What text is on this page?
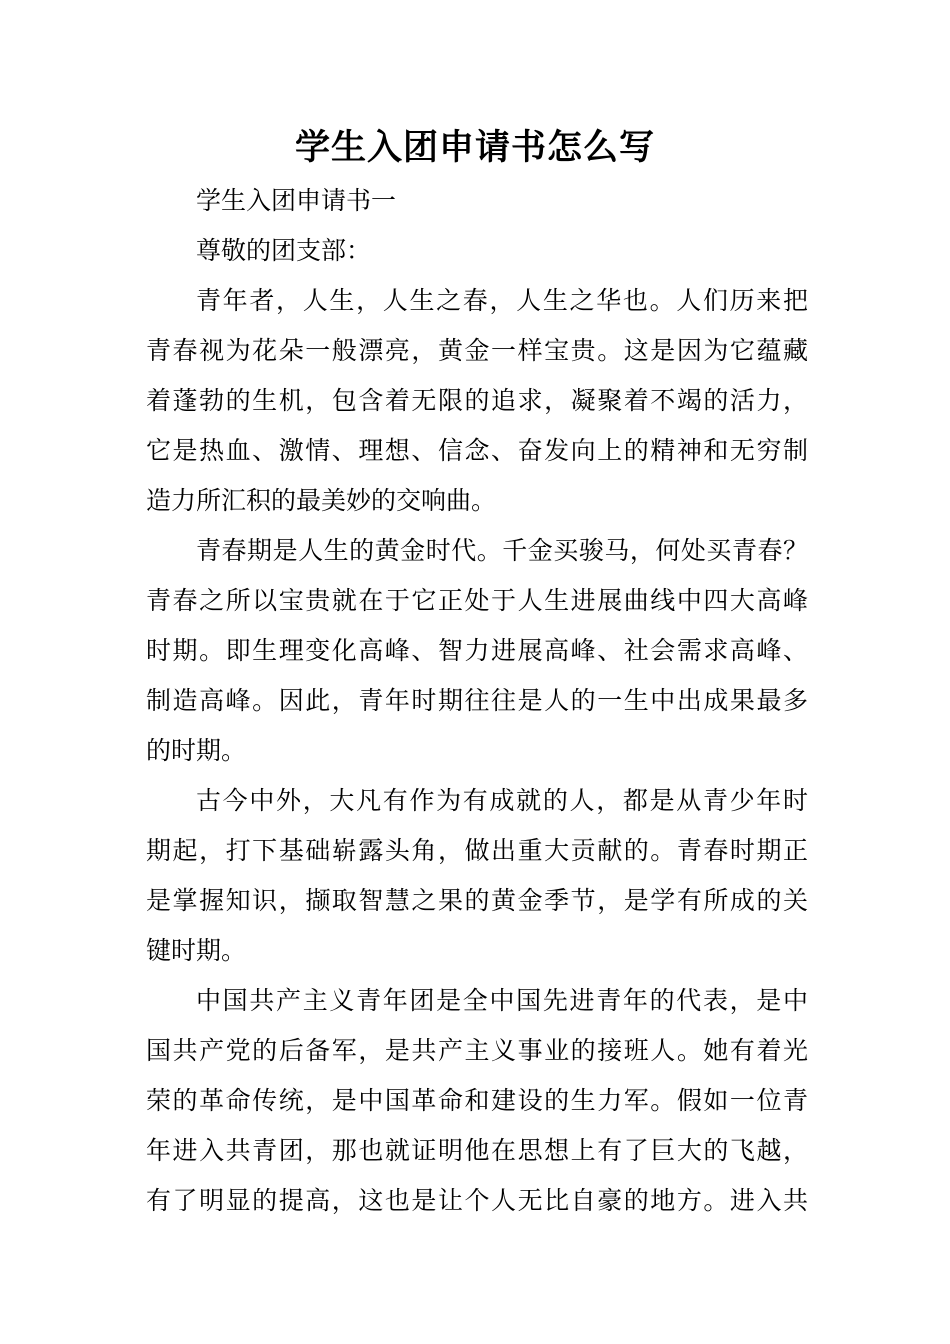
学生入团申请书怎么写
学生入团申请书一
尊敬的团支部：
青年者，人生，人生之春，人生之华也。人们历来把
青春视为花朵一般漂亮，黄金一样宝贵。这是因为它蕴藏
着蓬勃的生机，包含着无限的追求，凝聚着不竭的活力，
它是热血、激情、理想、信念、奋发向上的精神和无穷制
造力所汇积的最美妙的交响曲。
青春期是人生的黄金时代。千金买骏马，何处买青春？
青春之所以宝贵就在于它正处于人生进展曲线中四大高峰
时期。即生理变化高峰、智力进展高峰、社会需求高峰、
制造高峰。因此，青年时期往往是人的一生中出成果最多
的时期。
古今中外，大凡有作为有成就的人，都是从青少年时
期起，打下基础崭露头角，做出重大贡献的。青春时期正
是掌握知识，撷取智慧之果的黄金季节，是学有所成的关
键时期。
中国共产主义青年团是全中国先进青年的代表，是中
国共产党的后备军，是共产主义事业的接班人。她有着光
荣的革命传统，是中国革命和建设的生力军。假如一位青
年进入共青团，那也就证明他在思想上有了巨大的飞越，
有了明显的提高，这也是让个人无比自豪的地方。进入共
